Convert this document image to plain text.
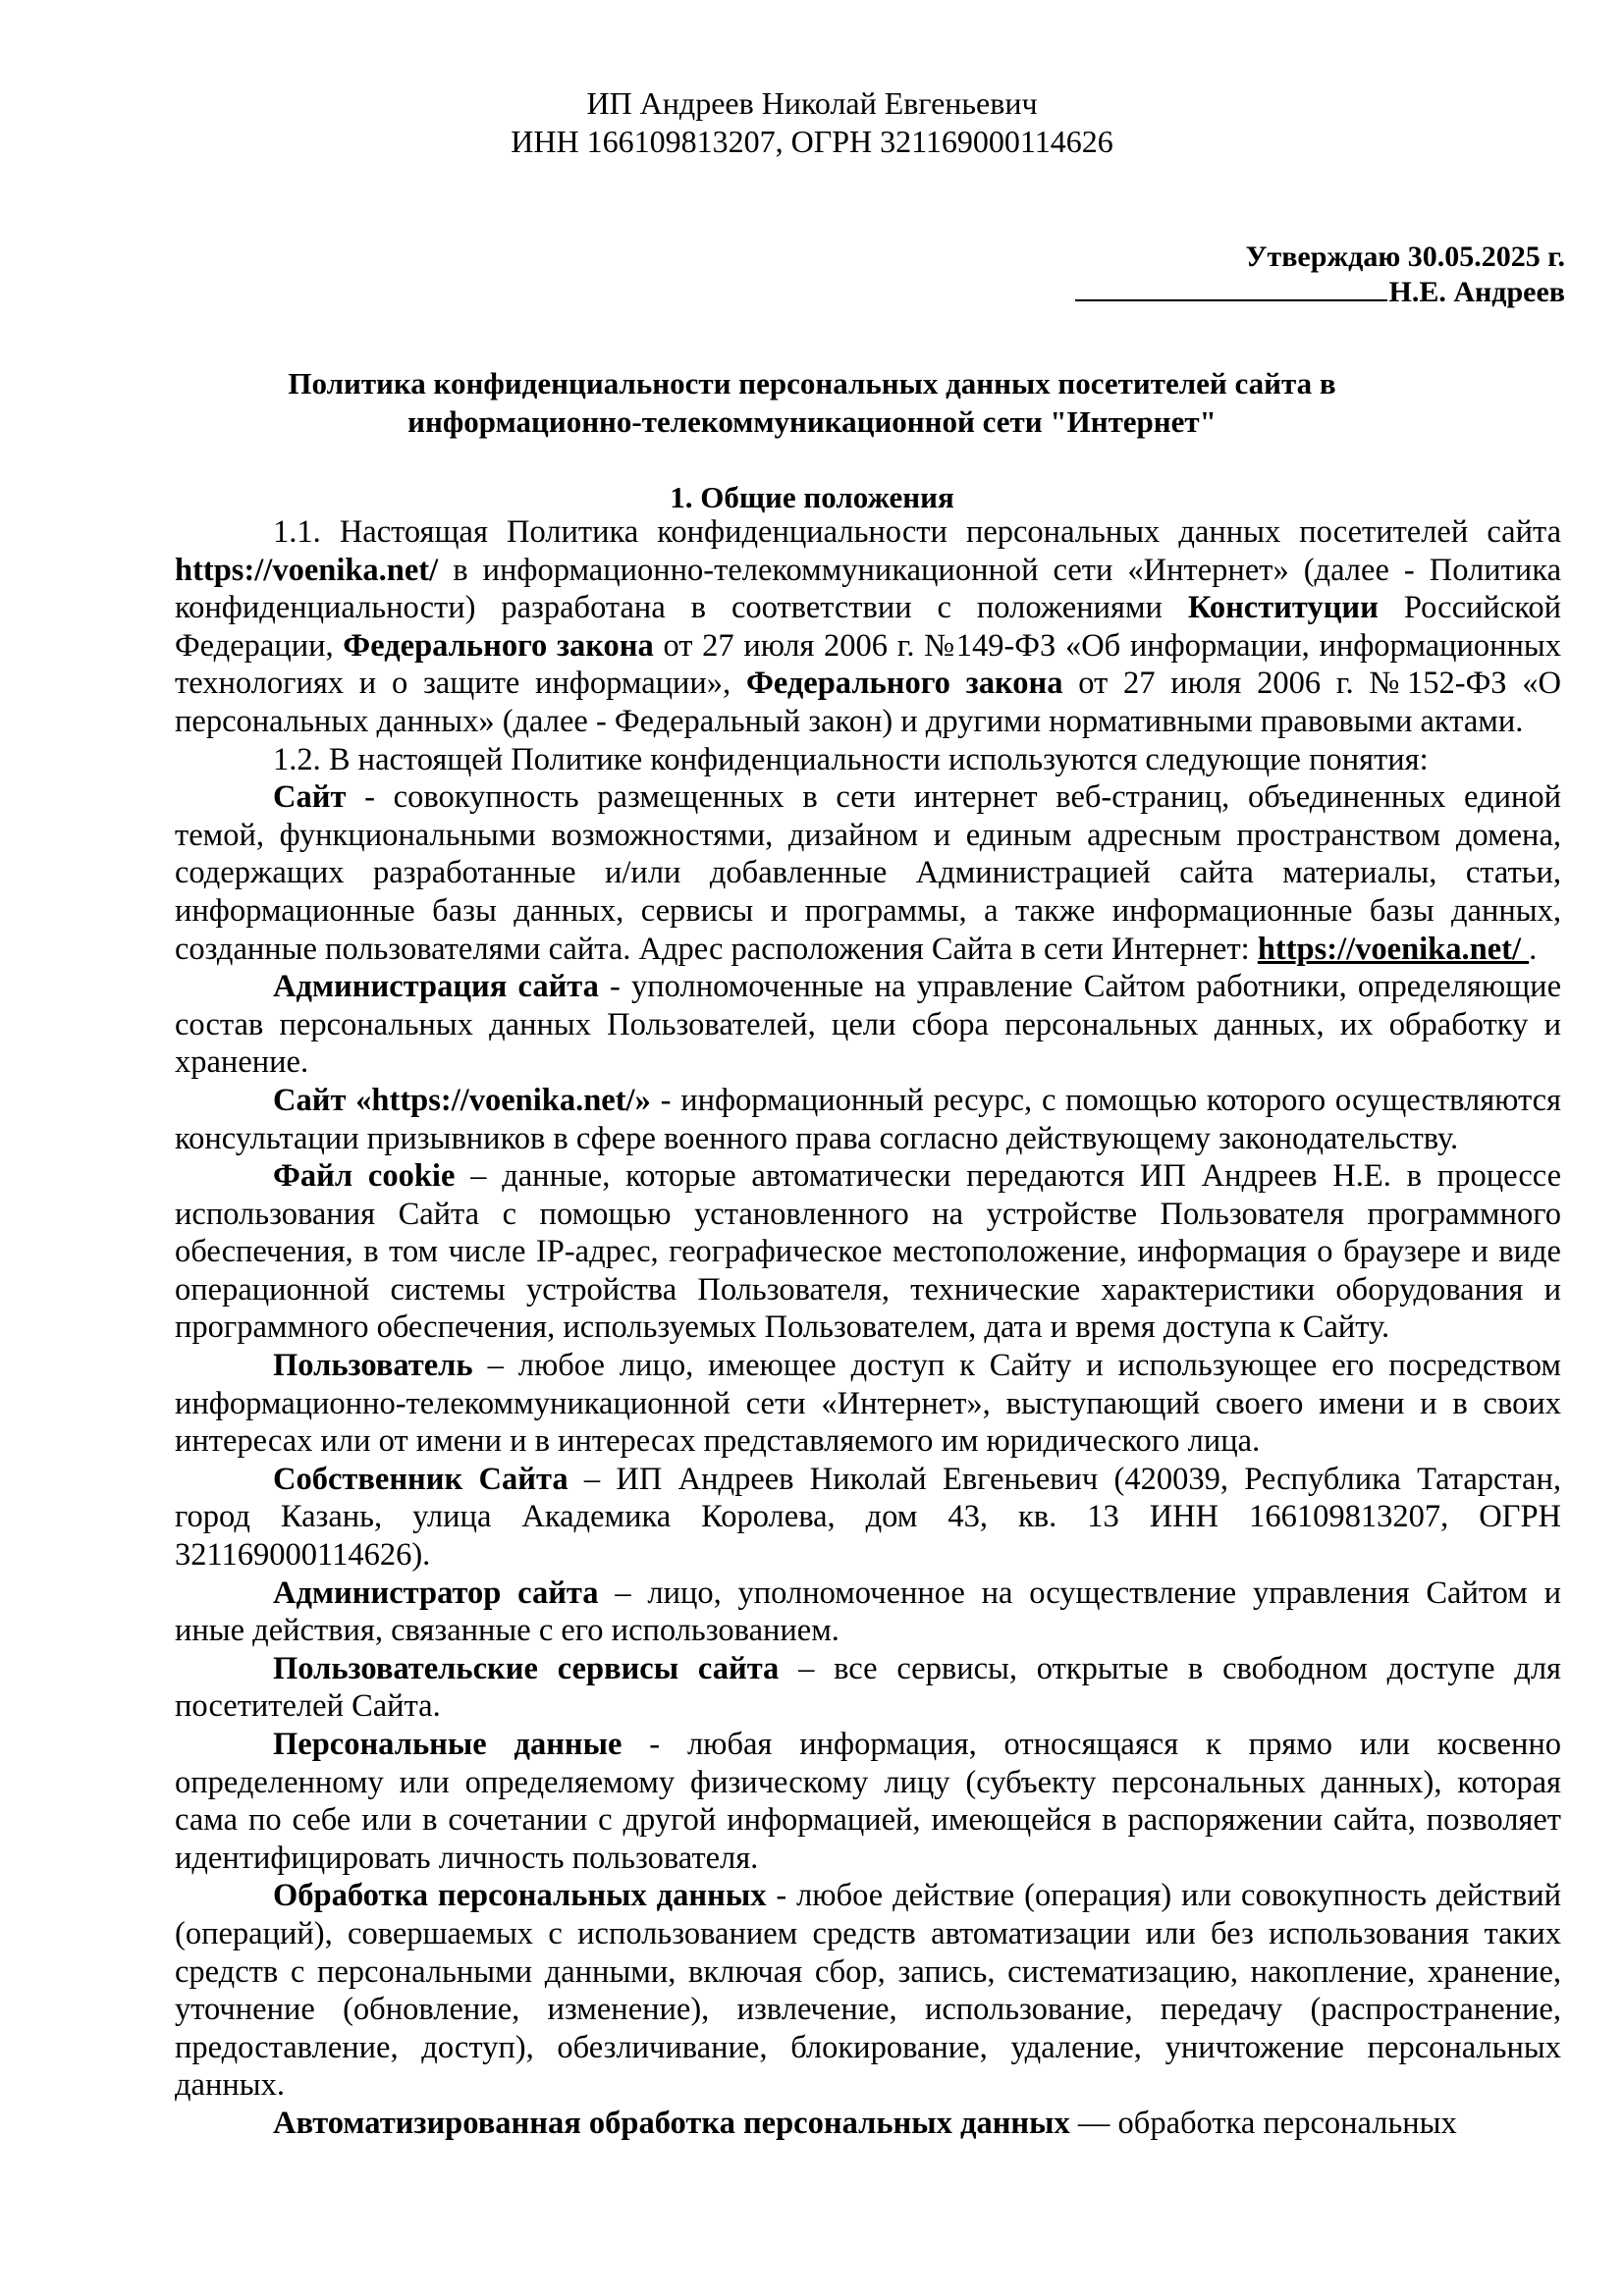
ИП Андреев Николай Евгеньевич
ИНН 166109813207, ОГРН 321169000114626
Утверждаю 30.05.2025 г.
Н.Е. Андреев
Политика конфиденциальности персональных данных посетителей сайта в
информационно-телекоммуникационной сети "Интернет"
1. Общие положения

1.1. Настоящая Политика конфиденциальности персональных данных посетителей сайта https://voenika.net/ в информационно-телекоммуникационной сети «Интернет» (далее - Политика конфиденциальности) разработана в соответствии с положениями Конституции Российской Федерации, Федерального закона от 27 июля 2006 г. №149-ФЗ «Об информации, информационных технологиях и о защите информации», Федерального закона от 27 июля 2006 г. №152-ФЗ «О персональных данных» (далее - Федеральный закон) и другими нормативными правовыми актами.

1.2. В настоящей Политике конфиденциальности используются следующие понятия:

Сайт - совокупность размещенных в сети интернет веб-страниц, объединенных единой темой, функциональными возможностями, дизайном и единым адресным пространством домена, содержащих разработанные и/или добавленные Администрацией сайта материалы, статьи, информационные базы данных, сервисы и программы, а также информационные базы данных, созданные пользователями сайта. Адрес расположения Сайта в сети Интернет: https://voenika.net/ .

Администрация сайта - уполномоченные на управление Сайтом работники, определяющие состав персональных данных Пользователей, цели сбора персональных данных, их обработку и хранение.

Сайт «https://voenika.net/» - информационный ресурс, с помощью которого осуществляются консультации призывников в сфере военного права согласно действующему законодательству.

Файл cookie – данные, которые автоматически передаются ИП Андреев Н.Е. в процессе использования Сайта с помощью установленного на устройстве Пользователя программного обеспечения, в том числе IP-адрес, географическое местоположение, информация о браузере и виде операционной системы устройства Пользователя, технические характеристики оборудования и программного обеспечения, используемых Пользователем, дата и время доступа к Сайту.

Пользователь – любое лицо, имеющее доступ к Сайту и использующее его посредством информационно-телекоммуникационной сети «Интернет», выступающий своего имени и в своих интересах или от имени и в интересах представляемого им юридического лица.

Собственник Сайта – ИП Андреев Николай Евгеньевич (420039, Республика Татарстан, город Казань, улица Академика Королева, дом 43, кв. 13 ИНН 166109813207, ОГРН 321169000114626).

Администратор сайта – лицо, уполномоченное на осуществление управления Сайтом и иные действия, связанные с его использованием.

Пользовательские сервисы сайта – все сервисы, открытые в свободном доступе для посетителей Сайта.

Персональные данные - любая информация, относящаяся к прямо или косвенно определенному или определяемому физическому лицу (субъекту персональных данных), которая сама по себе или в сочетании с другой информацией, имеющейся в распоряжении сайта, позволяет идентифицировать личность пользователя.

Обработка персональных данных - любое действие (операция) или совокупность действий (операций), совершаемых с использованием средств автоматизации или без использования таких средств с персональными данными, включая сбор, запись, систематизацию, накопление, хранение, уточнение (обновление, изменение), извлечение, использование, передачу (распространение, предоставление, доступ), обезличивание, блокирование, удаление, уничтожение персональных данных.

Автоматизированная обработка персональных данных — обработка персональных
